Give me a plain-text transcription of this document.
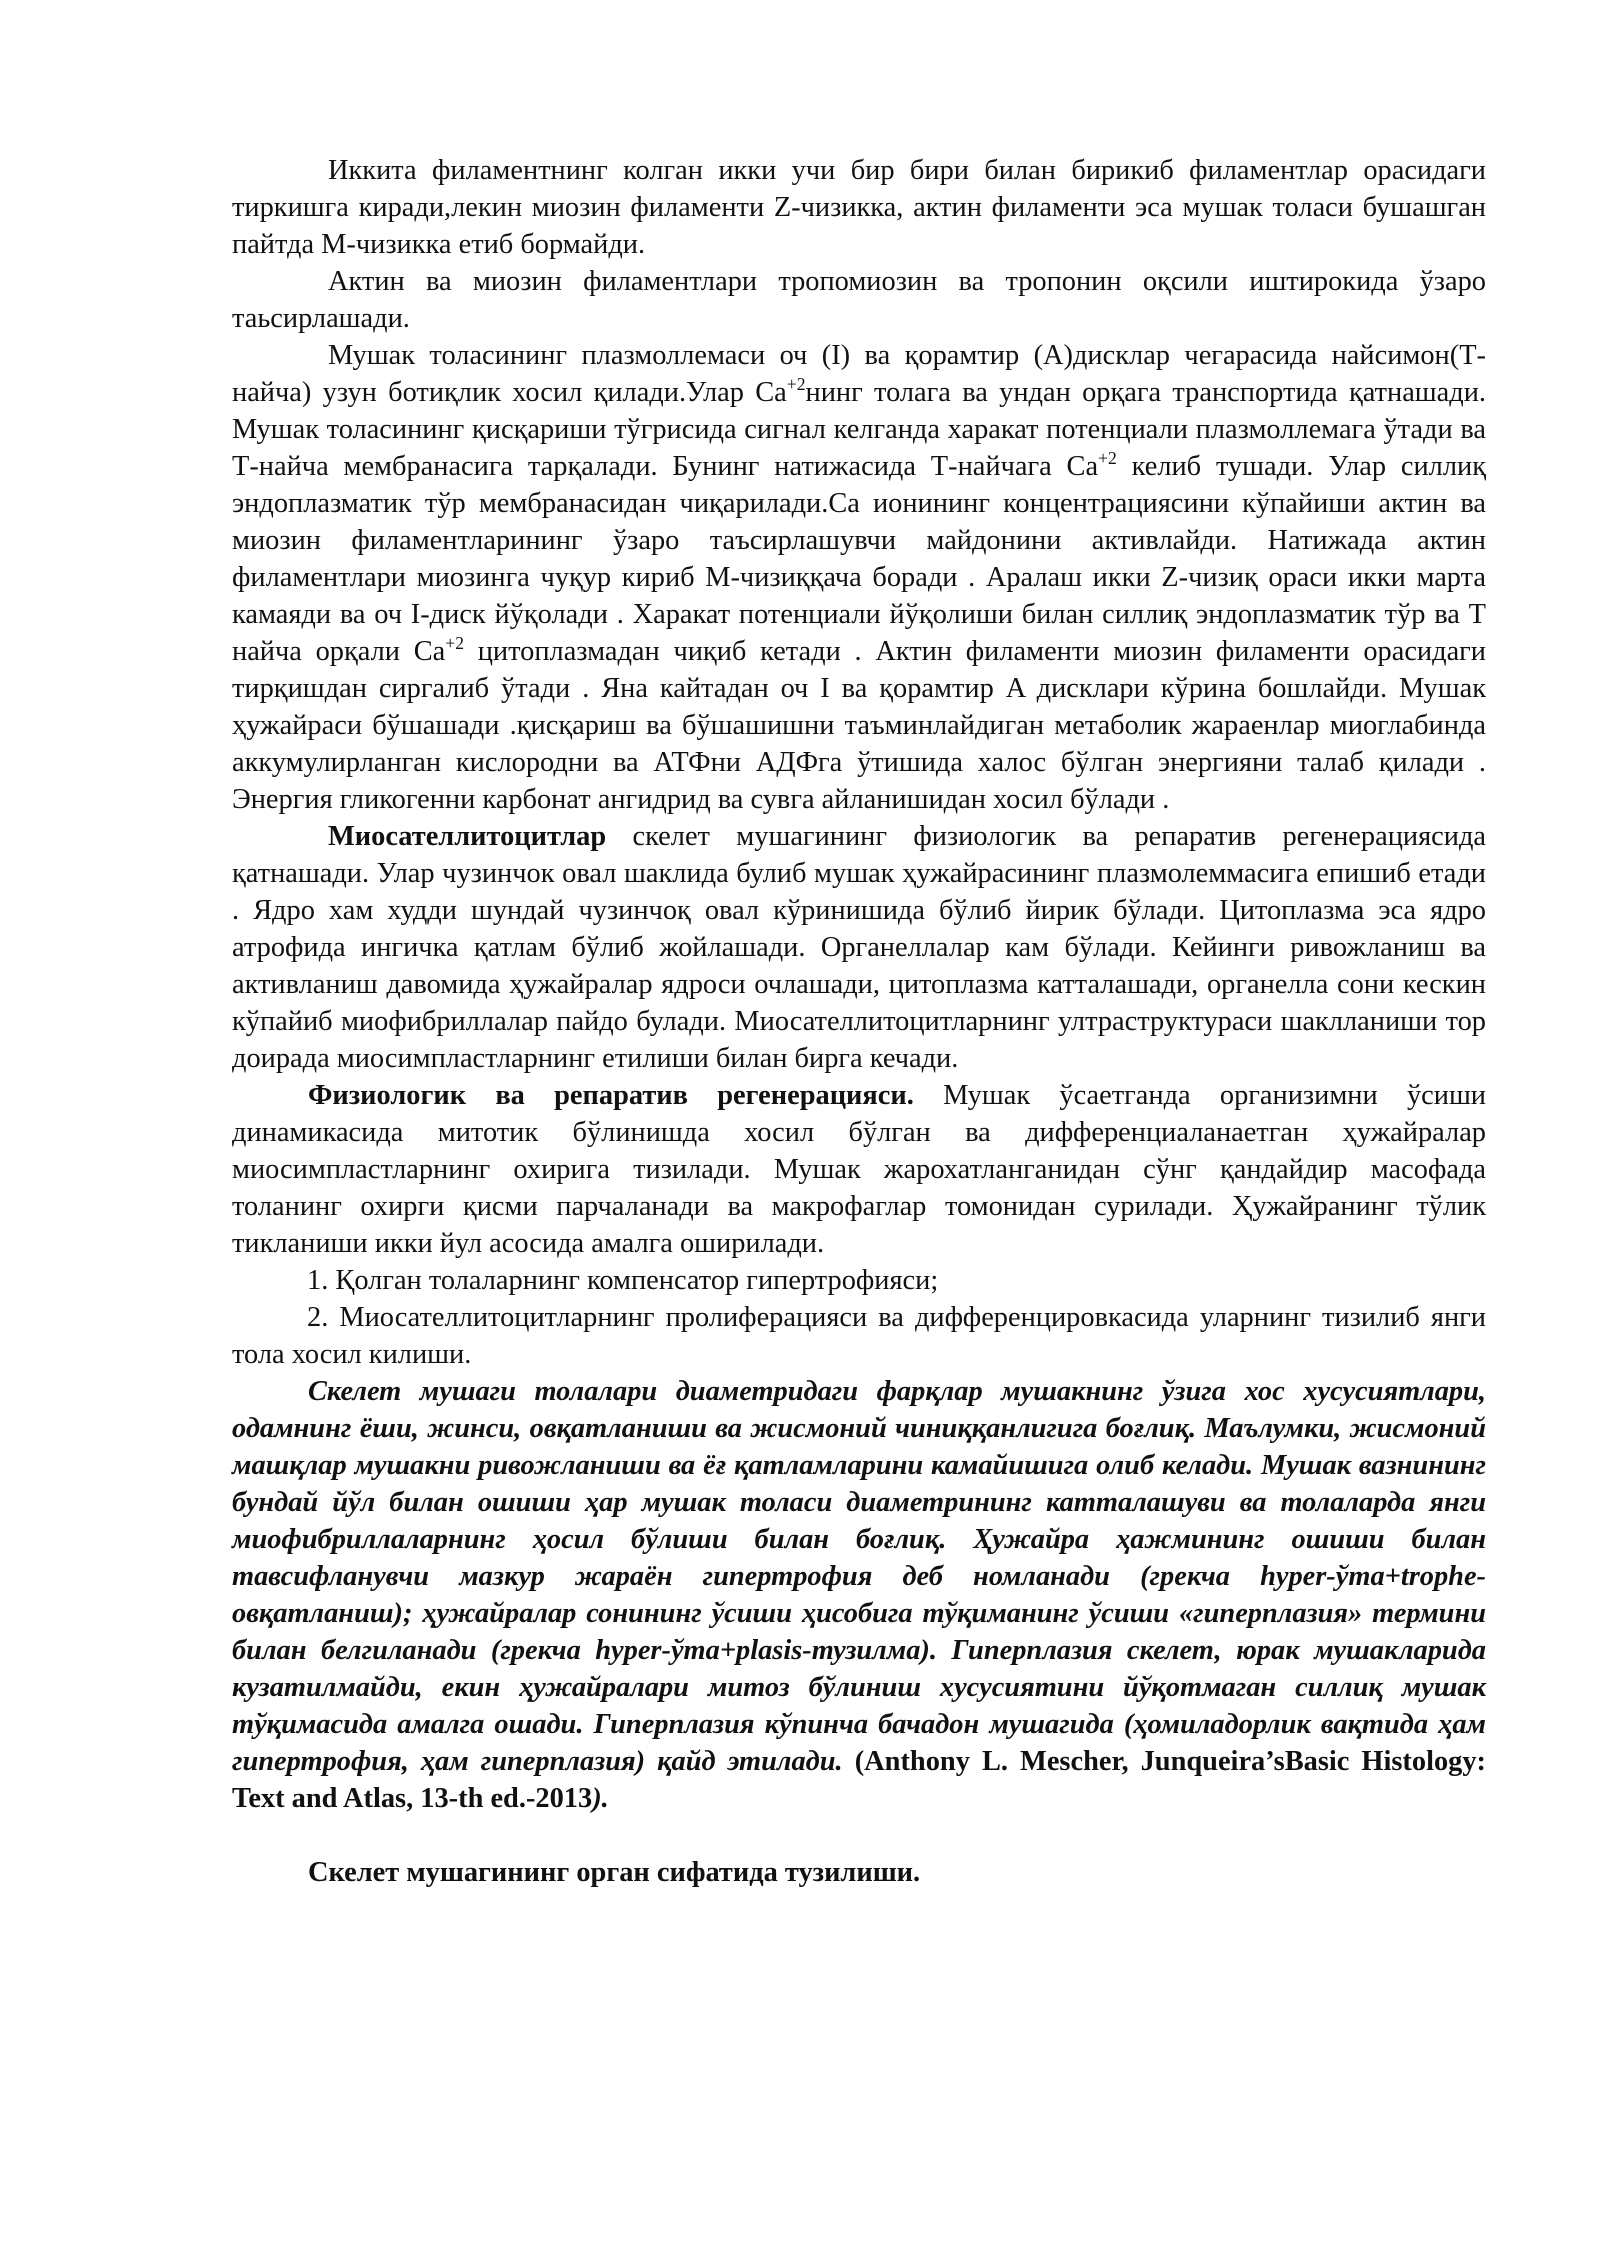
Иккита филаментнинг колган икки учи бир бири билан бирикиб филаментлар орасидаги тиркишга киради,лекин миозин филаменти Z-чизикка, актин филаменти эса мушак толаси бушашган пайтда М-чизикка етиб бормайди.

Актин ва миозин филаментлари тропомиозин ва тропонин оқсили иштирокида ўзаро таьсирлашади.

Мушак толасининг плазмоллемаси оч (I) ва қорамтир (A)дисклар чегарасида найсимон(Т-найча) узун ботиқлик хосил қилади.Улар $Ca^{+2}нинг$ толага ва ундан орқага транспортида қатнашади. Мушак толасининг қисқариши тўгрисида сигнал келганда харакат потенциали плазмоллемага ўтади ва Т-найча мембранасига тарқалади. Бунинг натижасида Т-найчага $Ca^{+2}$ келиб тушади. Улар силлиқ эндоплазматик тўр мембранасидан чиқарилади.Ca ионининг концентрациясини кўпайиши актин ва миозин филаментларининг ўзаро таъсирлашувчи майдонини активлайди. Натижада актин филаментлари миозинга чуқур кириб М-чизиққача боради . Аралаш икки Z-чизиқ ораси икки марта камаяди ва оч I-диск йўқолади . Харакат потенциали йўқолиши билан силлиқ эндоплазматик тўр ва Т найча орқали $Ca^{+2}$ цитоплазмадан чиқиб кетади . Актин филаменти миозин филаменти орасидаги тирқишдан сиргалиб ўтади . Яна кайтадан оч I ва қорамтир A дисклари кўрина бошлайди. Мушак ҳужайраси бўшашади .қисқариш ва бўшашишни таъминлайдиган метаболик жараенлар миоглабинда аккумулирланган кислородни ва АТФни АДФга ўтишида халос бўлган энергияни талаб қилади . Энергия гликогенни карбонат ангидрид ва сувга айланишидан хосил бўлади .

Миосателлитоцитлар скелет мушагининг физиологик ва репаратив регенерациясида қатнашади. Улар чузинчок овал шаклида булиб мушак ҳужайрасининг плазмолеммасига епишиб етади . Ядро хам худди шундай чузинчоқ овал кўринишида бўлиб йирик бўлади. Цитоплазма эса ядро атрофида ингичка қатлам бўлиб жойлашади. Органеллалар кам бўлади. Кейинги ривожланиш ва активланиш давомида ҳужайралар ядроси очлашади, цитоплазма катталашади, органелла сони кескин кўпайиб миофибриллалар пайдо булади. Миосателлитоцитларнинг ултраструктураси шаклланиши тор доирада миосимпластларнинг етилиши билан бирга кечади.

Физиологик ва репаратив регенерацияси. Мушак ўсаетганда организимни ўсиши динамикасида митотик бўлинишда хосил бўлган ва дифференциаланаетган ҳужайралар миосимпластларнинг охирига тизилади. Мушак жарохатланганидан сўнг қандайдир масофада толанинг охирги қисми парчаланади ва макрофаглар томонидан сурилади. Ҳужайранинг тўлик тикланиши икки йул асосида амалга оширилади.

1. Қолган толаларнинг компенсатор гипертрофияси;

2. Миосателлитоцитларнинг пролиферацияси ва дифференцировкасида уларнинг тизилиб янги тола хосил килиши.

Скелет мушаги толалари диаметридаги фарқлар мушакнинг ўзига хос хусусиятлари, одамнинг ёши, жинси, овқатланиши ва жисмоний чиниққанлигига боғлиқ. Маълумки, жисмоний машқлар мушакни ривожланиши ва ёғ қатламларини камайишига олиб келади. Мушак вазнининг бундай йўл билан ошиши ҳар мушак толаси диаметрининг катталашуви ва толаларда янги миофибриллаларнинг ҳосил бўлиши билан боғлиқ. Ҳужайра ҳажмининг ошиши билан тавсифланувчи мазкур жараён гипертрофия деб номланади (грекча hyper-ўта+trophe-овқатланиш); ҳужайралар сонининг ўсиши ҳисобига тўқиманинг ўсиши «гиперплазия» термини билан белгиланади (грекча hyper-ўта+plasis-тузилма). Гиперплазия скелет, юрак мушакларида кузатилмайди, екин ҳужайралари митоз бўлиниш хусусиятини йўқотмаган силлиқ мушак тўқимасида амалга ошади. Гиперплазия кўпинча бачадон мушагида (ҳомиладорлик вақтида ҳам гипертрофия, ҳам гиперплазия) қайд этилади. (Anthony L. Mescher, Junqueira’sBasic Histology: Text and Atlas, 13-th ed.-2013).

Скелет мушагининг орган сифатида тузилиши.
